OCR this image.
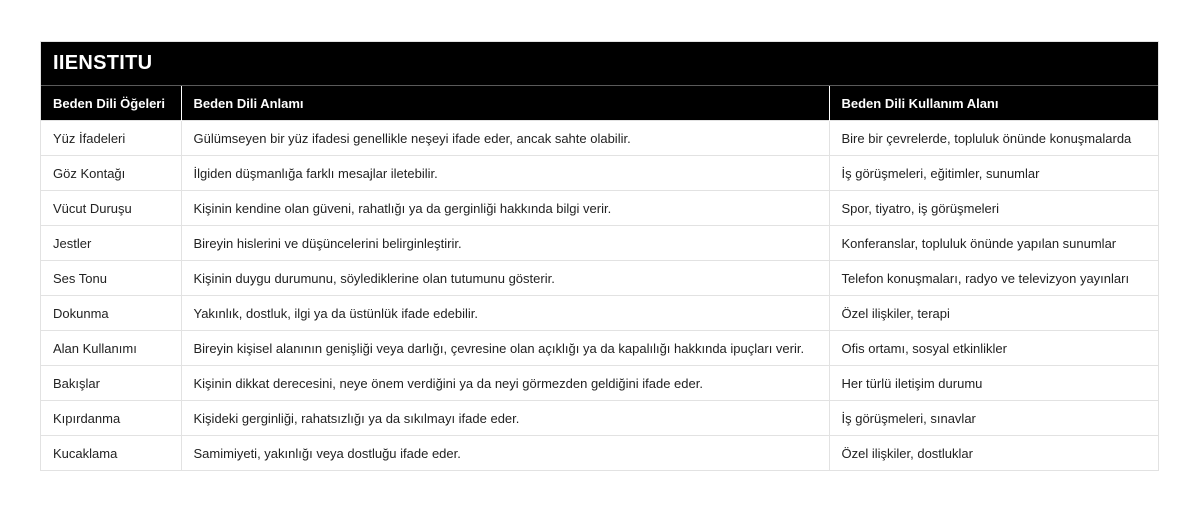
IIENSTITU
Beden Dili Öğeleri	Beden Dili Anlamı	Beden Dili Kullanım Alanı
Yüz İfadeleri	Gülümseyen bir yüz ifadesi genellikle neşeyi ifade eder, ancak sahte olabilir.	Bire bir çevrelerde, topluluk önünde konuşmalarda
Göz Kontağı	İlgiden düşmanlığa farklı mesajlar iletebilir.	İş görüşmeleri, eğitimler, sunumlar
Vücut Duruşu	Kişinin kendine olan güveni, rahatlığı ya da gerginliği hakkında bilgi verir.	Spor, tiyatro, iş görüşmeleri
Jestler	Bireyin hislerini ve düşüncelerini belirginleştirir.	Konferanslar, topluluk önünde yapılan sunumlar
Ses Tonu	Kişinin duygu durumunu, söylediklerine olan tutumunu gösterir.	Telefon konuşmaları, radyo ve televizyon yayınları
Dokunma	Yakınlık, dostluk, ilgi ya da üstünlük ifade edebilir.	Özel ilişkiler, terapi
Alan Kullanımı	Bireyin kişisel alanının genişliği veya darlığı, çevresine olan açıklığı ya da kapalılığı hakkında ipuçları verir.	Ofis ortamı, sosyal etkinlikler
Bakışlar	Kişinin dikkat derecesini, neye önem verdiğini ya da neyi görmezden geldiğini ifade eder.	Her türlü iletişim durumu
Kıpırdanma	Kişideki gerginliği, rahatsızlığı ya da sıkılmayı ifade eder.	İş görüşmeleri, sınavlar
Kucaklama	Samimiyeti, yakınlığı veya dostluğu ifade eder.	Özel ilişkiler, dostluklar
